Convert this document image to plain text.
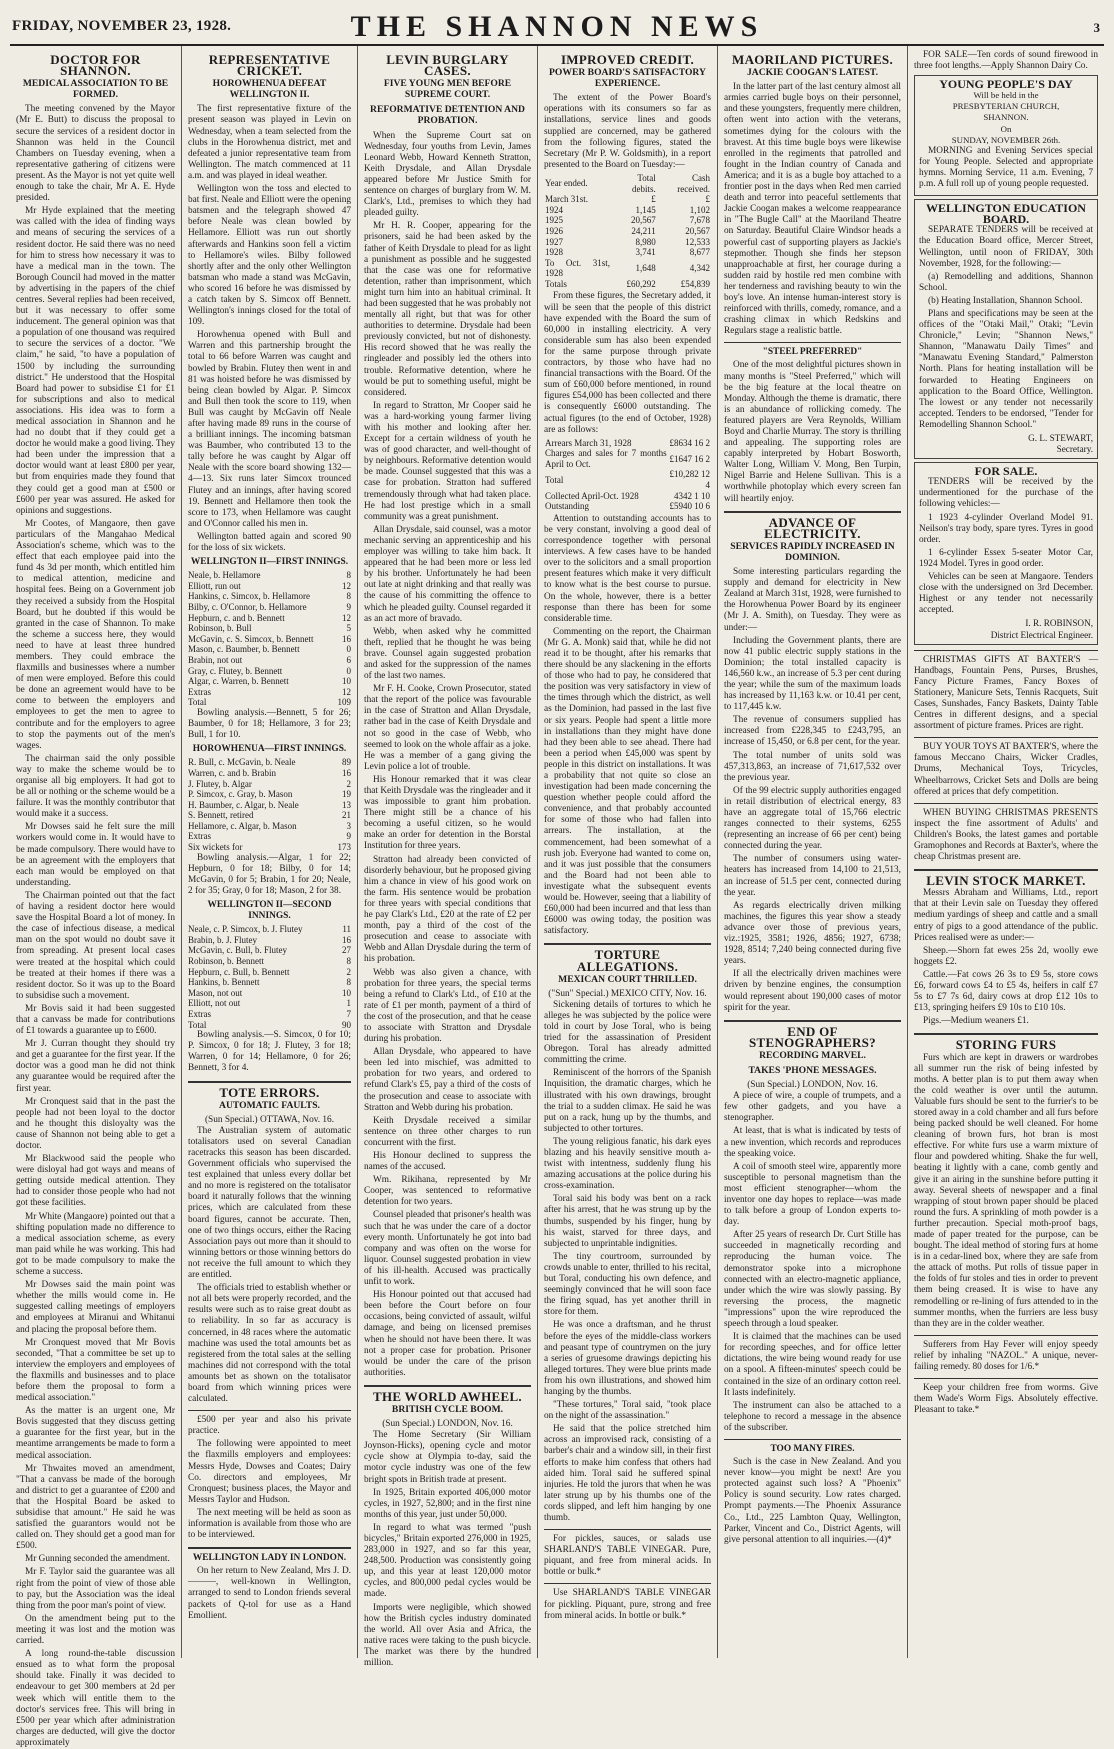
FRIDAY, NOVEMBER 23, 1928.	THE SHANNON NEWS	3
DOCTOR FOR SHANNON.
MEDICAL ASSOCIATION TO BE FORMED.

The meeting convened by the Mayor (Mr E. Butt) to discuss the proposal to secure the services of a resident doctor in Shannon was held in the Council Chambers on Tuesday evening, when a representative gathering of citizens were present. As the Mayor is not yet quite well enough to take the chair, Mr A. E. Hyde presided.

Mr Hyde explained that the meeting was called with the idea of finding ways and means of securing the services of a resident doctor. He said there was no need for him to stress how necessary it was to have a medical man in the town. The Borough Council had moved in the matter by advertising in the papers of the chief centres. Several replies had been received, but it was necessary to offer some inducement. The general opinion was that a population of one thousand was required to secure the services of a doctor. "We claim," he said, "to have a population of 1500 by including the surrounding district." He understood that the Hospital Board had power to subsidise £1 for £1 for subscriptions and also to medical associations. His idea was to form a medical association in Shannon and he had no doubt that if they could get a doctor he would make a good living. They had been under the impression that a doctor would want at least £800 per year, but from enquiries made they found that they could get a good man at £500 or £600 per year was assured. He asked for opinions and suggestions.

Mr Cootes, of Mangaore, then gave particulars of the Mangahao Medical Association's scheme, which was to the effect that each employee paid into the fund 4s 3d per month, which entitled him to medical attention, medicine and hospital fees. Being on a Government job they received a subsidy from the Hospital Board, but he doubted if this would be granted in the case of Shannon. To make the scheme a success here, they would need to have at least three hundred members. They could embrace the flaxmills and businesses where a number of men were employed. Before this could be done an agreement would have to be come to between the employers and employees to get the men to agree to contribute and for the employers to agree to stop the payments out of the men's wages.

The chairman said the only possible way to make the scheme would be to organise all big employers. It had got to be all or nothing or the scheme would be a failure. It was the monthly contributor that would make it a success.

Mr Dowses said he felt sure the mill workers would come in. It would have to be made compulsory. There would have to be an agreement with the employers that each man would be employed on that understanding.

The Chairman pointed out that the fact of having a resident doctor here would save the Hospital Board a lot of money. In the case of infectious disease, a medical man on the spot would no doubt save it from spreading. At present local cases were treated at the hospital which could be treated at their homes if there was a resident doctor. So it was up to the Board to subsidise such a movement.

Mr Bovis said it had been suggested that a canvass be made for contributions of £1 towards a guarantee up to £600.

Mr J. Curran thought they should try and get a guarantee for the first year. If the doctor was a good man he did not think any guarantee would be required after the first year.

Mr Cronquest said that in the past the people had not been loyal to the doctor and he thought this disloyalty was the cause of Shannon not being able to get a doctor.

Mr Blackwood said the people who were disloyal had got ways and means of getting outside medical attention. They had to consider those people who had not got these facilities.

Mr White (Mangaore) pointed out that a shifting population made no difference to a medical association scheme, as every man paid while he was working. This had got to be made compulsory to make the scheme a success.

Mr Dowses said the main point was whether the mills would come in. He suggested calling meetings of employers and employees at Miranui and Whitanui and placing the proposal before them.

Mr Cronquest moved that Mr Bovis seconded, "That a committee be set up to interview the employers and employees of the flaxmills and businesses and to place before them the proposal to form a medical association."

As the matter is an urgent one, Mr Bovis suggested that they discuss getting a guarantee for the first year, but in the meantime arrangements be made to form a medical association.

Mr Thwaites moved an amendment, "That a canvass be made of the borough and district to get a guarantee of £200 and that the Hospital Board be asked to subsidise that amount." He said he was satisfied the guarantors would not be called on. They should get a good man for £500.

Mr Gunning seconded the amendment.

Mr F. Taylor said the guarantee was all right from the point of view of those able to pay, but the Association was the ideal thing from the poor man's point of view.

On the amendment being put to the meeting it was lost and the motion was carried.

A long round-the-table discussion ensued as to what form the proposal should take. Finally it was decided to endeavour to get 300 members at 2d per week which will entitle them to the doctor's services free. This will bring in £500 per year which after administration charges are deducted, will give the doctor approximately

REPRESENTATIVE CRICKET.
HOROWHENUA DEFEAT WELLINGTON II.

The first representative fixture of the present season was played in Levin on Wednesday, when a team selected from the clubs in the Horowhenua district, met and defeated a junior representative team from Wellington. The match commenced at 11 a.m. and was played in ideal weather.

Wellington won the toss and elected to bat first. Neale and Elliott were the opening batsmen and the telegraph showed 47 before Neale was clean bowled by Hellamore. Elliott was run out shortly afterwards and Hankins soon fell a victim to Hellamore's wiles. Bilby followed shortly after and the only other Wellington batsman who made a stand was McGavin, who scored 16 before he was dismissed by a catch taken by S. Simcox off Bennett. Wellington's innings closed for the total of 109.

Horowhenua opened with Bull and Warren and this partnership brought the total to 66 before Warren was caught and bowled by Brabin. Flutey then went in and 81 was hoisted before he was dismissed by being clean bowled by Algar. P. Simcox and Bull then took the score to 119, when Bull was caught by McGavin off Neale after having made 89 runs in the course of a brilliant innings. The incoming batsman was Baumber, who contributed 13 to the tally before he was caught by Algar off Neale with the score board showing 132—4—13. Six runs later Simcox trounced Flutey and an innings, after having scored 19. Bennett and Hellamore then took the score to 173, when Hellamore was caught and O'Connor called his men in.

Wellington batted again and scored 90 for the loss of six wickets.

WELLINGTON II—FIRST INNINGS.
Neale, b. Hellamore	8
Elliott, run out	12
Hankins, c. Simcox, b. Hellamore	8
Bilby, c. O'Connor, b. Hellamore	9
Hepburn, c. and b. Bennett	12
Robinson, b. Bull	5
McGavin, c. S. Simcox, b. Bennett	16
Mason, c. Baumber, b. Bennett	0
Brabin, not out	6
Gray, c. Flutey, b. Bennett	0
Algar, c. Warren, b. Bennett	10
Extras	12
Total	109

Bowling analysis.—Bennett, 5 for 26; Baumber, 0 for 18; Hellamore, 3 for 23; Bull, 1 for 10.

HOROWHENUA—FIRST INNINGS.
R. Bull, c. McGavin, b. Neale	89
Warren, c. and b. Brabin	16
J. Flutey, b. Algar	2
P. Simcox, c. Gray, b. Mason	19
H. Baumber, c. Algar, b. Neale	13
S. Bennett, retired	21
Hellamore, c. Algar, b. Mason	3
Extras	9
Six wickets for	173

Bowling analysis.—Algar, 1 for 22; Hepburn, 0 for 18; Bilby, 0 for 14; McGavin, 0 for 5; Brabin, 1 for 20; Neale, 2 for 35; Gray, 0 for 18; Mason, 2 for 38.

WELLINGTON II—SECOND INNINGS.
Neale, c. P. Simcox, b. J. Flutey	11
Brabin, b. J. Flutey	16
McGavin, c. Bull, b. Flutey	27
Robinson, b. Bennett	8
Hepburn, c. Bull, b. Bennett	2
Hankins, b. Bennett	8
Mason, not out	10
Elliott, not out	1
Extras	7
Total	90

Bowling analysis.—S. Simcox, 0 for 10; P. Simcox, 0 for 18; J. Flutey, 3 for 18; Warren, 0 for 14; Hellamore, 0 for 26; Bennett, 3 for 4.

TOTE ERRORS.
AUTOMATIC FAULTS.
(Sun Special.) OTTAWA, Nov. 16.

The Australian system of automatic totalisators used on several Canadian racetracks this season has been discarded. Government officials who supervised the test explained that unless every dollar bet and no more is registered on the totalisator board it naturally follows that the winning prices, which are calculated from these board figures, cannot be accurate. Then, one of two things occurs, either the Racing Association pays out more than it should to winning bettors or those winning bettors do not receive the full amount to which they are entitled.

The officials tried to establish whether or not all bets were properly recorded, and the results were such as to raise great doubt as to reliability. In so far as accuracy is concerned, in 48 races where the automatic machine was used the total amounts bet as registered from the total sales at the selling machines did not correspond with the total amounts bet as shown on the totalisator board from which winning prices were calculated.

£500 per year and also his private practice.

The following were appointed to meet the flaxmills employers and employees: Messrs Hyde, Dowses and Coates; Dairy Co. directors and employees, Mr Cronquest; business places, the Mayor and Messrs Taylor and Hudson.

The next meeting will be held as soon as information is available from those who are to be interviewed.

WELLINGTON LADY IN LONDON.

On her return to New Zealand, Mrs J. D. ———, well-known in Wellington, arranged to send to London friends several packets of Q-tol for use as a Hand Emollient.

LEVIN BURGLARY CASES.
FIVE YOUNG MEN BEFORE SUPREME COURT.
REFORMATIVE DETENTION AND PROBATION.

When the Supreme Court sat on Wednesday, four youths from Levin, James Leonard Webb, Howard Kenneth Stratton, Keith Drysdale, and Allan Drysdale appeared before Mr Justice Smith for sentence on charges of burglary from W. M. Clark's, Ltd., premises to which they had pleaded guilty.

Mr H. R. Cooper, appearing for the prisoners, said he had been asked by the father of Keith Drysdale to plead for as light a punishment as possible and he suggested that the case was one for reformative detention, rather than imprisonment, which might turn him into an habitual criminal. It had been suggested that he was probably not mentally all right, but that was for other authorities to determine. Drysdale had been previously convicted, but not of dishonesty. His record showed that he was really the ringleader and possibly led the others into trouble. Reformative detention, where he would be put to something useful, might be considered.

In regard to Stratton, Mr Cooper said he was a hard-working young farmer living with his mother and looking after her. Except for a certain wildness of youth he was of good character, and well-thought of by neighbours. Reformative detention would be made. Counsel suggested that this was a case for probation. Stratton had suffered tremendously through what had taken place. He had lost prestige which in a small community was a great punishment.

Allan Drysdale, said counsel, was a motor mechanic serving an apprenticeship and his employer was willing to take him back. It appeared that he had been more or less led by his brother. Unfortunately he had been out late at night drinking and that really was the cause of his committing the offence to which he pleaded guilty. Counsel regarded it as an act more of bravado.

Webb, when asked why he committed theft, replied that he thought he was being brave. Counsel again suggested probation and asked for the suppression of the names of the last two names.

Mr F. H. Cooke, Crown Prosecutor, stated that the report of the police was favourable in the case of Stratton and Allan Drysdale, rather bad in the case of Keith Drysdale and not so good in the case of Webb, who seemed to look on the whole affair as a joke. He was a member of a gang giving the Levin police a lot of trouble.

His Honour remarked that it was clear that Keith Drysdale was the ringleader and it was impossible to grant him probation. There might still be a chance of his becoming a useful citizen, so he would make an order for detention in the Borstal Institution for three years.

Stratton had already been convicted of disorderly behaviour, but he proposed giving him a chance in view of his good work on the farm. His sentence would be probation for three years with special conditions that he pay Clark's Ltd., £20 at the rate of £2 per month, pay a third of the cost of the prosecution and cease to associate with Webb and Allan Drysdale during the term of his probation.

Webb was also given a chance, with probation for three years, the special terms being a refund to Clark's Ltd., of £10 at the rate of £1 per month, payment of a third of the cost of the prosecution, and that he cease to associate with Stratton and Drysdale during his probation.

Allan Drysdale, who appeared to have been led into mischief, was admitted to probation for two years, and ordered to refund Clark's £5, pay a third of the costs of the prosecution and cease to associate with Stratton and Webb during his probation.

Keith Drysdale received a similar sentence on three other charges to run concurrent with the first.

His Honour declined to suppress the names of the accused.

Wm. Rikihana, represented by Mr Cooper, was sentenced to reformative detention for two years.

Counsel pleaded that prisoner's health was such that he was under the care of a doctor every month. Unfortunately he got into bad company and was often on the worse for liquor. Counsel suggested probation in view of his ill-health. Accused was practically unfit to work.

His Honour pointed out that accused had been before the Court before on four occasions, being convicted of assault, wilful damage, and being on licensed premises when he should not have been there. It was not a proper case for probation. Prisoner would be under the care of the prison authorities.

THE WORLD AWHEEL.
BRITISH CYCLE BOOM.
(Sun Special.) LONDON, Nov. 16.

The Home Secretary (Sir William Joynson-Hicks), opening cycle and motor cycle show at Olympia to-day, said the motor cycle industry was one of the few bright spots in British trade at present.

In 1925, Britain exported 406,000 motor cycles, in 1927, 52,800; and in the first nine months of this year, just under 50,000.

In regard to what was termed "push bicycles," Britain exported 276,000 in 1925, 283,000 in 1927, and so far this year, 248,500. Production was consistently going up, and this year at least 120,000 motor cycles, and 800,000 pedal cycles would be made.

Imports were negligible, which showed how the British cycles industry dominated the world. All over Asia and Africa, the native races were taking to the push bicycle. The market was there by the hundred million.

IMPROVED CREDIT.
POWER BOARD'S SATISFACTORY EXPERIENCE.

The extent of the Power Board's operations with its consumers so far as installations, service lines and goods supplied are concerned, may be gathered from the following figures, stated the Secretary (Mr P. W. Goldsmith), in a report presented to the Board on Tuesday:—

Year ended.	Total debits.	Cash received.
March 31st.	£	£
1924	1,145	1,102
1925	20,567	7,678
1926	24,211	20,567
1927	8,980	12,533
1928	3,741	8,677
To Oct. 31st, 1928	1,648	4,342
Totals	£60,292	£54,839

From these figures, the Secretary added, it will be seen that the people of this district have expended with the Board the sum of 60,000 in installing electricity. A very considerable sum has also been expended for the same purpose through private contractors, by those who have had no financial transactions with the Board. Of the sum of £60,000 before mentioned, in round figures £54,000 has been collected and there is consequently £6000 outstanding. The actual figures (to the end of October, 1928) are as follows:

Arrears March 31, 1928	£8634 16 2
Charges and sales for 7 months April to Oct.	£1647 16 2
Total	£10,282 12 4
Collected April-Oct. 1928	4342 1 10
Outstanding	£5940 10 6

Attention to outstanding accounts has to be very constant, involving a good deal of correspondence together with personal interviews. A few cases have to be handed over to the solicitors and a small proportion present features which make it very difficult to know what is the best course to pursue. On the whole, however, there is a better response than there has been for some considerable time.

Commenting on the report, the Chairman (Mr G. A. Monk) said that, while he did not read it to be thought, after his remarks that there should be any slackening in the efforts of those who had to pay, he considered that the position was very satisfactory in view of the times through which the district, as well as the Dominion, had passed in the last five or six years. People had spent a little more in installations than they might have done had they been able to see ahead. There had been a period when £45,000 was spent by people in this district on installations. It was a probability that not quite so close an investigation had been made concerning the question whether people could afford the convenience, and that probably accounted for some of those who had fallen into arrears. The installation, at the commencement, had been somewhat of a rush job. Everyone had wanted to come on, and it was just possible that the consumers and the Board had not been able to investigate what the subsequent events would be. However, seeing that a liability of £60,000 had been incurred and that less than £6000 was owing today, the position was satisfactory.

TORTURE ALLEGATIONS.
MEXICAN COURT THRILLED.
("Sun" Special.) MEXICO CITY, Nov. 16.

Sickening details of tortures to which he alleges he was subjected by the police were told in court by Jose Toral, who is being tried for the assassination of President Obregon. Toral has already admitted committing the crime.

Reminiscent of the horrors of the Spanish Inquisition, the dramatic charges, which he illustrated with his own drawings, brought the trial to a sudden climax. He said he was put on a rack, hung up by the thumbs, and subjected to other tortures.

The young religious fanatic, his dark eyes blazing and his heavily sensitive mouth a-twist with intentness, suddenly flung his amazing accusations at the police during his cross-examination.

Toral said his body was bent on a rack after his arrest, that he was strung up by the thumbs, suspended by his finger, hung by his waist, starved for three days, and subjected to unprintable indignities.

The tiny courtroom, surrounded by crowds unable to enter, thrilled to his recital, but Toral, conducting his own defence, and seemingly convinced that he will soon face the firing squad, has yet another thrill in store for them.

He was once a draftsman, and he thrust before the eyes of the middle-class workers and peasant type of countrymen on the jury a series of gruesome drawings depicting his alleged tortures. They were blue prints made from his own illustrations, and showed him hanging by the thumbs.

"These tortures," Toral said, "took place on the night of the assassination."

He said that the police stretched him across an improvised rack, consisting of a barber's chair and a window sill, in their first efforts to make him confess that others had aided him. Toral said he suffered spinal injuries. He told the jurors that when he was later strung up by his thumbs one of the cords slipped, and left him hanging by one thumb.

For pickles, sauces, or salads use SHARLAND'S TABLE VINEGAR. Pure, piquant, and free from mineral acids. In bottle or bulk.*

Use SHARLAND'S TABLE VINEGAR for pickling. Piquant, pure, strong and free from mineral acids. In bottle or bulk.*

MAORILAND PICTURES.
JACKIE COOGAN'S LATEST.

In the latter part of the last century almost all armies carried bugle boys on their personnel, and these youngsters, frequently mere children, often went into action with the veterans, sometimes dying for the colours with the bravest. At this time bugle boys were likewise enrolled in the regiments that patrolled and fought in the Indian country of Canada and America; and it is as a bugle boy attached to a frontier post in the days when Red men carried death and terror into peaceful settlements that Jackie Coogan makes a welcome reappearance in "The Bugle Call" at the Maoriland Theatre on Saturday. Beautiful Claire Windsor heads a powerful cast of supporting players as Jackie's stepmother. Though she finds her stepson unapproachable at first, her courage during a sudden raid by hostile red men combine with her tenderness and ravishing beauty to win the boy's love. An intense human-interest story is reinforced with thrills, comedy, romance, and a crashing climax in which Redskins and Regulars stage a realistic battle.

"STEEL PREFERRED"

One of the most delightful pictures shown in many months is "Steel Preferred," which will be the big feature at the local theatre on Monday. Although the theme is dramatic, there is an abundance of rollicking comedy. The featured players are Vera Reynolds, William Boyd and Charlie Murray. The story is thrilling and appealing. The supporting roles are capably interpreted by Hobart Bosworth, Walter Long, William V. Mong, Ben Turpin, Nigel Barrie and Helene Sullivan. This is a worthwhile photoplay which every screen fan will heartily enjoy.

ADVANCE OF ELECTRICITY.
SERVICES RAPIDLY INCREASED IN DOMINION.

Some interesting particulars regarding the supply and demand for electricity in New Zealand at March 31st, 1928, were furnished to the Horowhenua Power Board by its engineer (Mr J. A. Smith), on Tuesday. They were as under:—

Including the Government plants, there are now 41 public electric supply stations in the Dominion; the total installed capacity is 146,560 k.w., an increase of 5.3 per cent during the year; while the sum of the maximum loads has increased by 11,163 k.w. or 10.41 per cent, to 117,445 k.w.

The revenue of consumers supplied has increased from £228,345 to £243,795, an increase of 15,450, or 6.8 per cent, for the year.

The total number of units sold was 457,313,863, an increase of 71,617,532 over the previous year.

Of the 99 electric supply authorities engaged in retail distribution of electrical energy, 83 have an aggregate total of 15,766 electric ranges connected to their systems, 6255 (representing an increase of 66 per cent) being connected during the year.

The number of consumers using water-heaters has increased from 14,100 to 21,513, an increase of 51.5 per cent, connected during the year.

As regards electrically driven milking machines, the figures this year show a steady advance over those of previous years, viz.:1925, 3581; 1926, 4856; 1927, 6738; 1928, 8514; 7,240 being connected during five years.

If all the electrically driven machines were driven by benzine engines, the consumption would represent about 190,000 cases of motor spirit for the year.

END OF STENOGRAPHERS?
RECORDING MARVEL.
TAKES 'PHONE MESSAGES.
(Sun Special.) LONDON, Nov. 16.

A piece of wire, a couple of trumpets, and a few other gadgets, and you have a stenographer.

At least, that is what is indicated by tests of a new invention, which records and reproduces the speaking voice.

A coil of smooth steel wire, apparently more susceptible to personal magnetism than the most efficient stenographer—whom the inventor one day hopes to replace—was made to talk before a group of London experts to-day.

After 25 years of research Dr. Curt Stille has succeeded in magnetically recording and reproducing the human voice. The demonstrator spoke into a microphone connected with an electro-magnetic appliance, under which the wire was slowly passing. By reversing the process, the magnetic "impressions" upon the wire reproduced the speech through a loud speaker.

It is claimed that the machines can be used for recording speeches, and for office letter dictations, the wire being wound ready for use on a spool. A fifteen-minutes' speech could be contained in the size of an ordinary cotton reel. It lasts indefinitely.

The instrument can also be attached to a telephone to record a message in the absence of the subscriber.

TOO MANY FIRES.

Such is the case in New Zealand. And you never know—you might be next! Are you protected against such loss? A "Phoenix" Policy is sound security. Low rates charged. Prompt payments.—The Phoenix Assurance Co., Ltd., 225 Lambton Quay, Wellington, Parker, Vincent and Co., District Agents, will give personal attention to all inquiries.—(4)*

FOR SALE—Ten cords of sound firewood in three foot lengths.—Apply Shannon Dairy Co.

YOUNG PEOPLE'S DAY
Will be held in the
PRESBYTERIAN CHURCH,
SHANNON.
On
SUNDAY, NOVEMBER 26th.

MORNING and Evening Services special for Young People. Selected and appropriate hymns. Morning Service, 11 a.m. Evening, 7 p.m. A full roll up of young people requested.

WELLINGTON EDUCATION BOARD.

SEPARATE TENDERS will be received at the Education Board office, Mercer Street, Wellington, until noon of FRIDAY, 30th November, 1928, for the following:—

(a) Remodelling and additions, Shannon School.

(b) Heating Installation, Shannon School.

Plans and specifications may be seen at the offices of the "Otaki Mail," Otaki; "Levin Chronicle," Levin; "Shannon News," Shannon, "Manawatu Daily Times" and "Manawatu Evening Standard," Palmerston North. Plans for heating installation will be forwarded to Heating Engineers on application to the Board Office, Wellington. The lowest or any tender not necessarily accepted. Tenders to be endorsed, "Tender for Remodelling Shannon School."

G. L. STEWART,
Secretary.
FOR SALE.

TENDERS will be received by the undermentioned for the purchase of the following vehicles:—

1 1923 4-cylinder Overland Model 91. Neilson's tray body, spare tyres. Tyres in good order.

1 6-cylinder Essex 5-seater Motor Car, 1924 Model. Tyres in good order.

Vehicles can be seen at Mangaore. Tenders close with the undersigned on 3rd December. Highest or any tender not necessarily accepted.

I. R. ROBINSON,
District Electrical Engineer.

CHRISTMAS GIFTS AT BAXTER'S —Handbags, Fountain Pens, Purses, Brushes, Fancy Picture Frames, Fancy Boxes of Stationery, Manicure Sets, Tennis Racquets, Suit Cases, Sunshades, Fancy Baskets, Dainty Table Centres in different designs, and a special assortment of picture frames. Prices are right.

BUY YOUR TOYS AT BAXTER'S, where the famous Meccano Chairs, Wicker Cradles, Drums, Mechanical Toys, Tricycles, Wheelbarrows, Cricket Sets and Dolls are being offered at prices that defy competition.

WHEN BUYING CHRISTMAS PRESENTS inspect the fine assortment of Adults' and Children's Books, the latest games and portable Gramophones and Records at Baxter's, where the cheap Christmas present are.

LEVIN STOCK MARKET.

Messrs Abraham and Williams, Ltd., report that at their Levin sale on Tuesday they offered medium yardings of sheep and cattle and a small entry of pigs to a good attendance of the public. Prices realised were as under:—

Sheep.—Shorn fat ewes 25s 2d, woolly ewe hoggets £2.

Cattle.—Fat cows 26 3s to £9 5s, store cows £6, forward cows £4 to £5 4s, heifers in calf £7 5s to £7 7s 6d, dairy cows at drop £12 10s to £13, springing heifers £9 10s to £10 10s.

Pigs.—Medium weaners £1.

STORING FURS

Furs which are kept in drawers or wardrobes all summer run the risk of being infested by moths. A better plan is to put them away when the cold weather is over until the autumn. Valuable furs should be sent to the furrier's to be stored away in a cold chamber and all furs before being packed should be well cleaned. For home cleaning of brown furs, hot bran is most effective. For white furs use a warm mixture of flour and powdered whiting. Shake the fur well, beating it lightly with a cane, comb gently and give it an airing in the sunshine before putting it away. Several sheets of newspaper and a final wrapping of stout brown paper should be placed round the furs. A sprinkling of moth powder is a further precaution. Special moth-proof bags, made of paper treated for the purpose, can be bought. The ideal method of storing furs at home is in a cedar-lined box, where they are safe from the attack of moths. Put rolls of tissue paper in the folds of fur stoles and ties in order to prevent them being creased. It is wise to have any remodelling or re-lining of furs attended to in the summer months, when the furriers are less busy than they are in the colder weather.

Sufferers from Hay Fever will enjoy speedy relief by inhaling "NAZOL." A unique, never-failing remedy. 80 doses for 1/6.*

Keep your children free from worms. Give them Wade's Worm Figs. Absolutely effective. Pleasant to take.*
